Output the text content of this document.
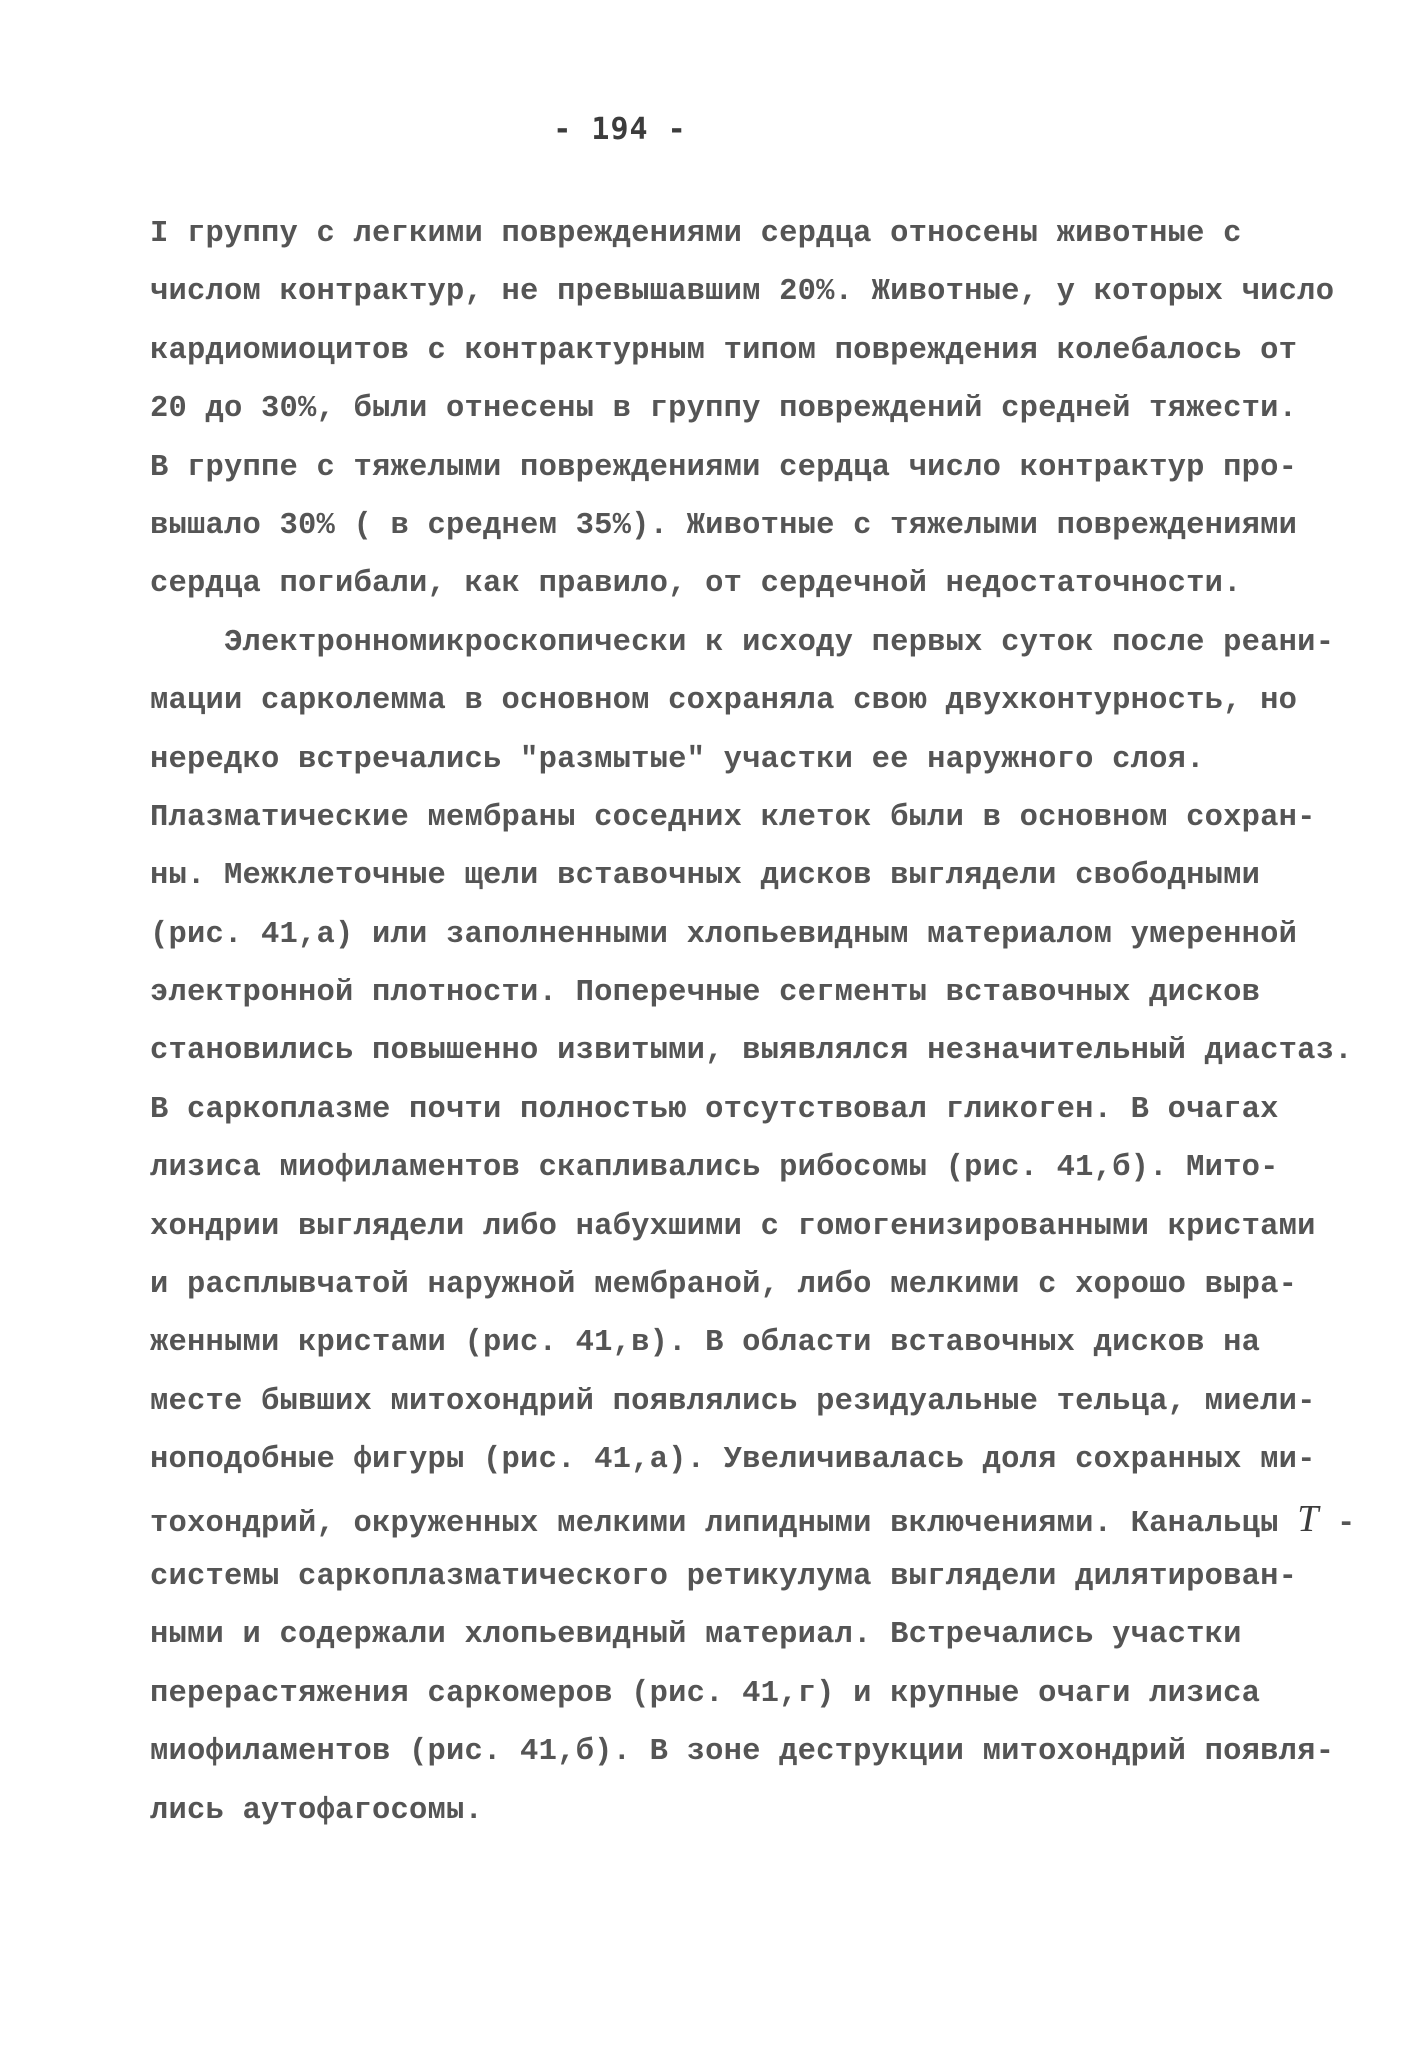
- 194 -
I группу с легкими повреждениями сердца относены животные с
числом контрактур, не превышавшим 20%. Животные, у которых число
кардиомиоцитов с контрактурным типом повреждения колебалось от
20 до 30%, были отнесены в группу повреждений средней тяжести.
В группе с тяжелыми повреждениями сердца число контрактур про-
вышало 30% ( в среднем 35%). Животные с тяжелыми повреждениями
сердца погибали, как правило, от сердечной недостаточности.
Электронномикроскопически к исходу первых суток после реани-
мации сарколемма в основном сохраняла свою двухконтурность, но
нередко встречались "размытые" участки ее наружного слоя.
Плазматические мембраны соседних клеток были в основном сохран-
ны. Межклеточные щели вставочных дисков выглядели свободными
(рис. 41,а) или заполненными хлопьевидным материалом умеренной
электронной плотности. Поперечные сегменты вставочных дисков
становились повышенно извитыми, выявлялся незначительный диастаз.
В саркоплазме почти полностью отсутствовал гликоген. В очагах
лизиса миофиламентов скапливались рибосомы (рис. 41,б). Мито-
хондрии выглядели либо набухшими с гомогенизированными кристами
и расплывчатой наружной мембраной, либо мелкими с хорошо выра-
женными кристами (рис. 41,в). В области вставочных дисков на
месте бывших митохондрий появлялись резидуальные тельца, миели-
ноподобные фигуры (рис. 41,а). Увеличивалась доля сохранных ми-
тохондрий, окруженных мелкими липидными включениями. Канальцы Т -
системы саркоплазматического ретикулума выглядели дилятирован-
ными и содержали хлопьевидный материал. Встречались участки
перерастяжения саркомеров (рис. 41,г) и крупные очаги лизиса
миофиламентов (рис. 41,б). В зоне деструкции митохондрий появля-
лись аутофагосомы.
